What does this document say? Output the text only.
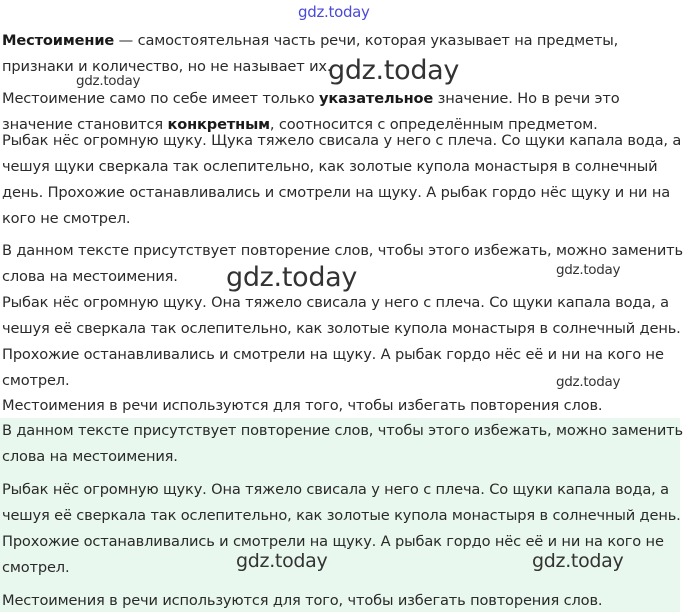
Местоимение — самостоятельная часть речи, которая указывает на предметы,

признаки и количество, но не называет их.

Местоимение само по себе имеет только указательное значение. Но в речи это

значение становится конкретным, соотносится с определённым предметом.

Рыбак нёс огромную щуку. Щука тяжело свисала у него с плеча. Со щуки капала вода, а

чешуя щуки сверкала так ослепительно, как золотые купола монастыря в солнечный

день. Прохожие останавливались и смотрели на щуку. А рыбак гордо нёс щуку и ни на

кого не смотрел.

В данном тексте присутствует повторение слов, чтобы этого избежать, можно заменить

слова на местоимения.

Рыбак нёс огромную щуку. Она тяжело свисала у него с плеча. Со щуки капала вода, а

чешуя её сверкала так ослепительно, как золотые купола монастыря в солнечный день.

Прохожие останавливались и смотрели на щуку. А рыбак гордо нёс её и ни на кого не

смотрел.

Местоимения в речи используются для того, чтобы избегать повторения слов.

В данном тексте присутствует повторение слов, чтобы этого избежать, можно заменить

слова на местоимения.

Рыбак нёс огромную щуку. Она тяжело свисала у него с плеча. Со щуки капала вода, а

чешуя её сверкала так ослепительно, как золотые купола монастыря в солнечный день.

Прохожие останавливались и смотрели на щуку. А рыбак гордо нёс её и ни на кого не

смотрел.

Местоимения в речи используются для того, чтобы избегать повторения слов.

gdz.today
gdz.today	gdz.today
gdz.today	gdz.today
gdz.today
gdz.today	gdz.today
